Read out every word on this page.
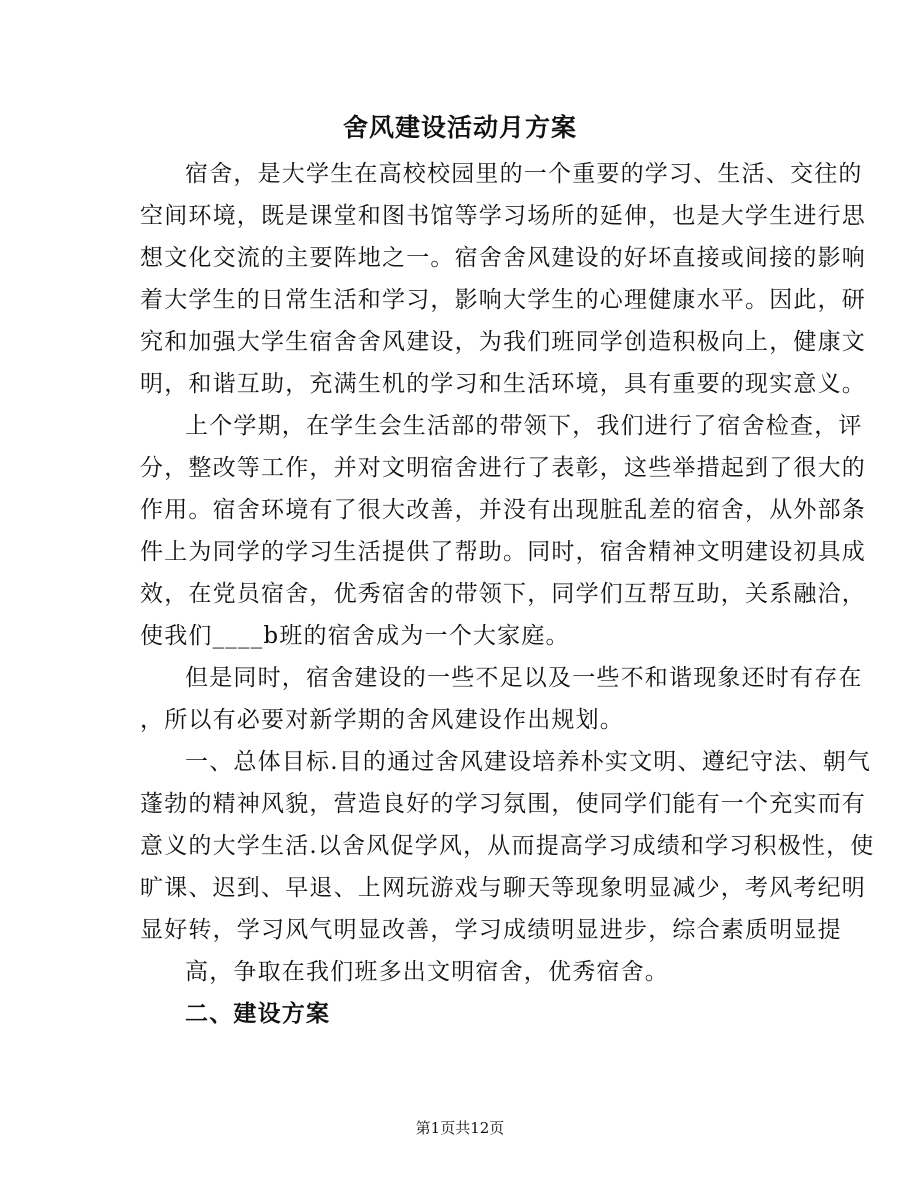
舍风建设活动月方案
宿舍，是大学生在高校校园里的一个重要的学习、生活、交往的
空间环境，既是课堂和图书馆等学习场所的延伸，也是大学生进行思
想文化交流的主要阵地之一。宿舍舍风建设的好坏直接或间接的影响
着大学生的日常生活和学习，影响大学生的心理健康水平。因此，研
究和加强大学生宿舍舍风建设，为我们班同学创造积极向上，健康文
明，和谐互助，充满生机的学习和生活环境，具有重要的现实意义。
上个学期，在学生会生活部的带领下，我们进行了宿舍检查，评
分，整改等工作，并对文明宿舍进行了表彰，这些举措起到了很大的
作用。宿舍环境有了很大改善，并没有出现脏乱差的宿舍，从外部条
件上为同学的学习生活提供了帮助。同时，宿舍精神文明建设初具成
效，在党员宿舍，优秀宿舍的带领下，同学们互帮互助，关系融洽，
使我们____b班的宿舍成为一个大家庭。
但是同时，宿舍建设的一些不足以及一些不和谐现象还时有存在
，所以有必要对新学期的舍风建设作出规划。
一、总体目标.目的通过舍风建设培养朴实文明、遵纪守法、朝气
蓬勃的精神风貌，营造良好的学习氛围，使同学们能有一个充实而有
意义的大学生活.以舍风促学风，从而提高学习成绩和学习积极性，使
旷课、迟到、早退、上网玩游戏与聊天等现象明显减少，考风考纪明
显好转，学习风气明显改善，学习成绩明显进步，综合素质明显提
高，争取在我们班多出文明宿舍，优秀宿舍。
二、建设方案
第1页共12页
